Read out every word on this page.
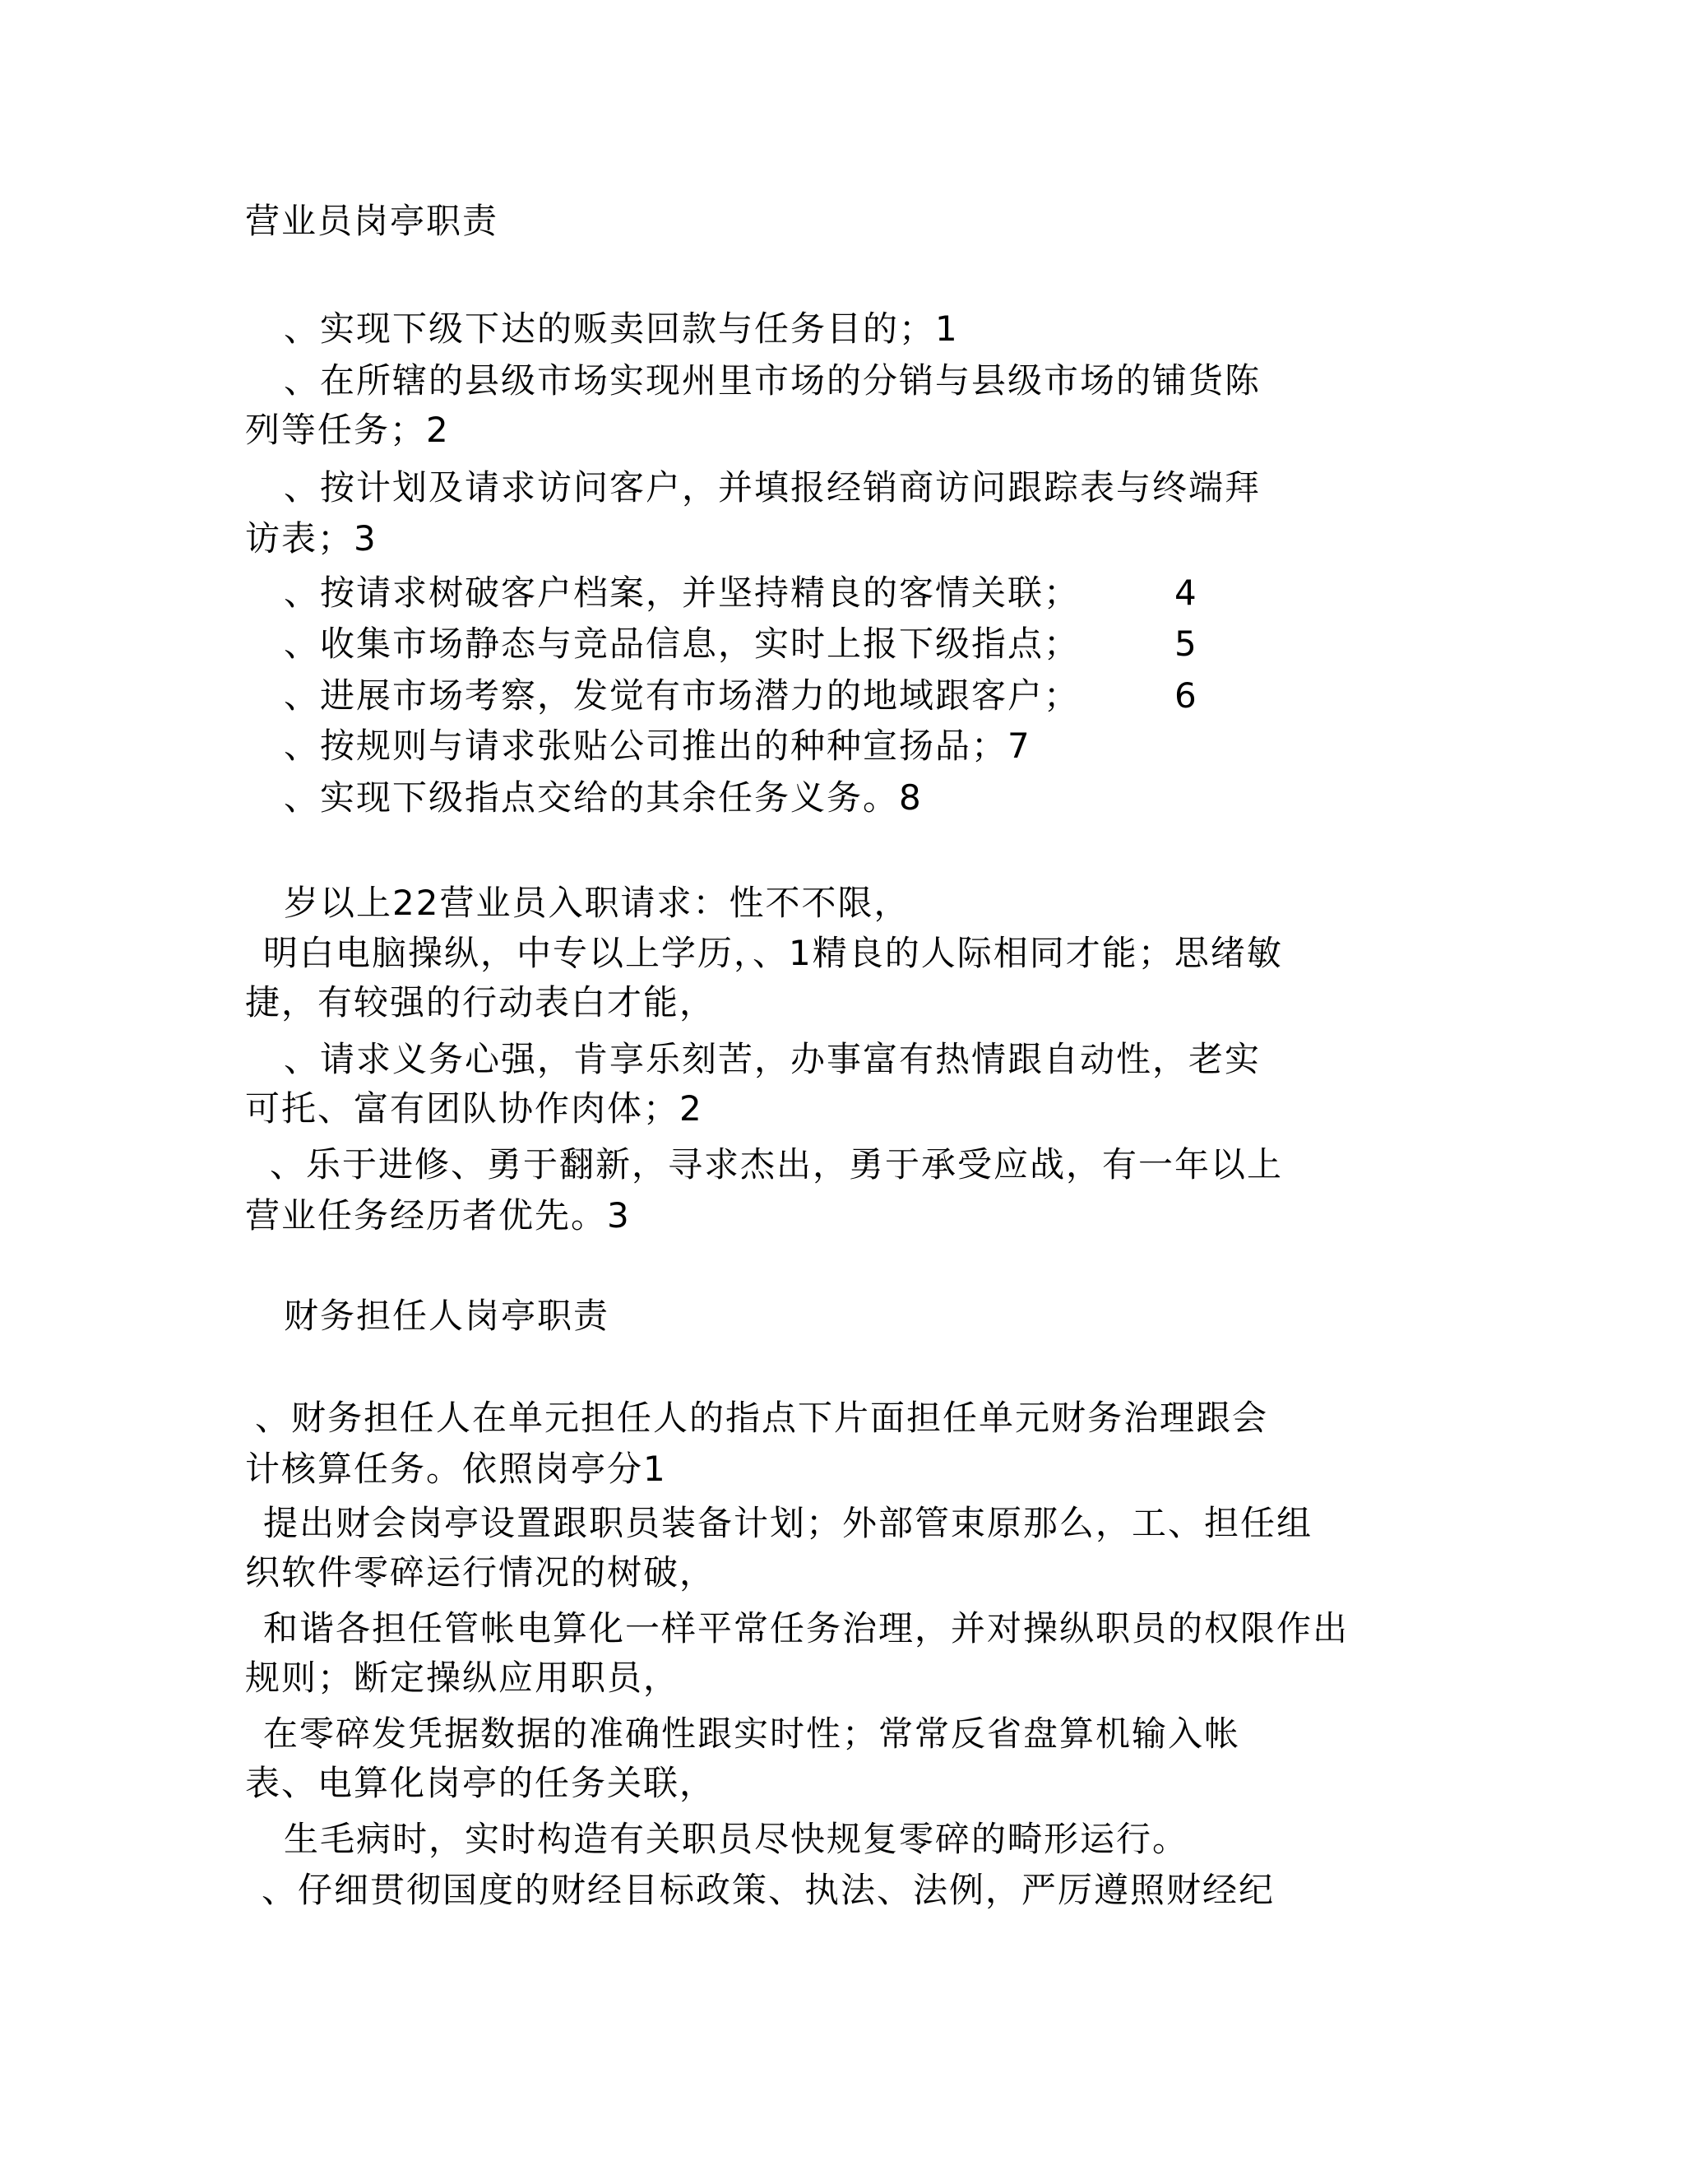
营业员岗亭职责
、实现下级下达的贩卖回款与任务目的；1
、在所辖的县级市场实现州里市场的分销与县级市场的铺货陈
列等任务；2
、按计划及请求访问客户，并填报经销商访问跟踪表与终端拜
访表；3
、按请求树破客户档案，并坚持精良的客情关联；	4
、收集市场静态与竞品信息，实时上报下级指点；	5
、进展市场考察，发觉有市场潜力的地域跟客户；	6
、按规则与请求张贴公司推出的种种宣扬品；7
、实现下级指点交给的其余任务义务。8
岁以上22营业员入职请求：性不不限，
明白电脑操纵，中专以上学历，、1精良的人际相同才能；思绪敏
捷，有较强的行动表白才能，
、请求义务心强，肯享乐刻苦，办事富有热情跟自动性，老实
可托、富有团队协作肉体；2
、乐于进修、勇于翻新，寻求杰出，勇于承受应战，有一年以上
营业任务经历者优先。3
财务担任人岗亭职责
、财务担任人在单元担任人的指点下片面担任单元财务治理跟会
计核算任务。依照岗亭分1
提出财会岗亭设置跟职员装备计划；外部管束原那么，工、担任组
织软件零碎运行情况的树破，
和谐各担任管帐电算化一样平常任务治理，并对操纵职员的权限作出
规则；断定操纵应用职员，
在零碎发凭据数据的准确性跟实时性；常常反省盘算机输入帐
表、电算化岗亭的任务关联，
生毛病时，实时构造有关职员尽快规复零碎的畸形运行。
、仔细贯彻国度的财经目标政策、执法、法例，严厉遵照财经纪
